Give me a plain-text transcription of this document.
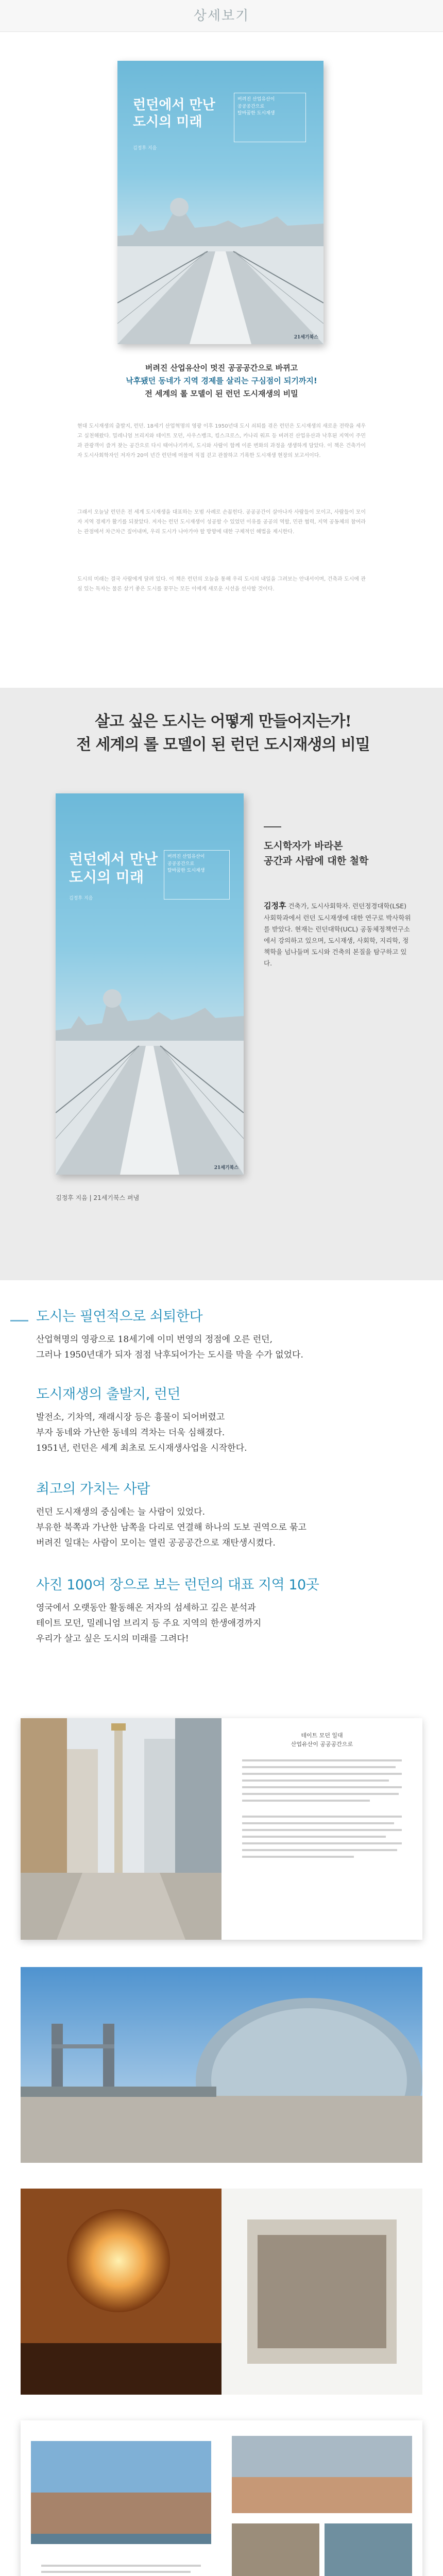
상세보기
런던에서 만난
도시의 미래
버려진 산업유산이
공공공간으로
탈바꿈한 도시재생
김정후 지음
21세기북스
버려진 산업유산이 멋진 공공공간으로 바뀌고
낙후됐던 동네가 지역 경제를 살리는 구심점이 되기까지!
전 세계의 롤 모델이 된 런던 도시재생의 비밀
현대 도시재생의 출발지, 런던. 18세기 산업혁명의 영광 이후 1950년대 도시 쇠퇴를 겪은 런던은 도시재생의 새로운 전략을 세우고 실천해왔다. 밀레니엄 브리지와 테이트 모던, 사우스뱅크, 킹스크로스, 카나리 워프 등 버려진 산업유산과 낙후된 지역이 주민과 관광객이 즐겨 찾는 공간으로 다시 태어나기까지, 도시와 사람이 함께 이룬 변화의 과정을 생생하게 담았다. 이 책은 건축가이자 도시사회학자인 저자가 20여 년간 런던에 머물며 직접 걷고 관찰하고 기록한 도시재생 현장의 보고서이다.
그래서 오늘날 런던은 전 세계 도시재생을 대표하는 모범 사례로 손꼽힌다. 공공공간이 살아나자 사람들이 모이고, 사람들이 모이자 지역 경제가 활기를 되찾았다. 저자는 런던 도시재생이 성공할 수 있었던 이유를 공공의 역할, 민관 협력, 지역 공동체의 참여라는 관점에서 차근차근 짚어내며, 우리 도시가 나아가야 할 방향에 대한 구체적인 해법을 제시한다.
도시의 미래는 결국 사람에게 달려 있다. 이 책은 런던의 오늘을 통해 우리 도시의 내일을 그려보는 안내서이며, 건축과 도시에 관심 있는 독자는 물론 살기 좋은 도시를 꿈꾸는 모든 이에게 새로운 시선을 선사할 것이다.
살고 싶은 도시는 어떻게 만들어지는가!
전 세계의 롤 모델이 된 런던 도시재생의 비밀
런던에서 만난
도시의 미래
버려진 산업유산이
공공공간으로
탈바꿈한 도시재생
김정후 지음
21세기북스
도시학자가 바라본
공간과 사람에 대한 철학
김정후 건축가, 도시사회학자. 런던정경대학(LSE) 사회학과에서 런던 도시재생에 대한 연구로 박사학위를 받았다. 현재는 런던대학(UCL) 공동체정책연구소에서 강의하고 있으며, 도시재생, 사회학, 지리학, 정책학을 넘나들며 도시와 건축의 본질을 탐구하고 있다.
김정후 지음 | 21세기북스 펴냄
도시는 필연적으로 쇠퇴한다
산업혁명의 영광으로 18세기에 이미 번영의 정점에 오른 런던,
그러나 1950년대가 되자 점점 낙후되어가는 도시를 막을 수가 없었다.
도시재생의 출발지, 런던
발전소, 기차역, 재래시장 등은 흉물이 되어버렸고
부자 동네와 가난한 동네의 격차는 더욱 심해졌다.
1951년, 런던은 세계 최초로 도시재생사업을 시작한다.
최고의 가치는 사람
런던 도시재생의 중심에는 늘 사람이 있었다.
부유한 북쪽과 가난한 남쪽을 다리로 연결해 하나의 도보 권역으로 묶고
버려진 일대는 사람이 모이는 열린 공공공간으로 재탄생시켰다.
사진 100여 장으로 보는 런던의 대표 지역 10곳
영국에서 오랫동안 활동해온 저자의 섬세하고 깊은 분석과
테이트 모던, 밀레니엄 브리지 등 주요 지역의 한생애경까지
우리가 살고 싶은 도시의 미래를 그려다!
테이트 모던 일대
산업유산이 공공공간으로
